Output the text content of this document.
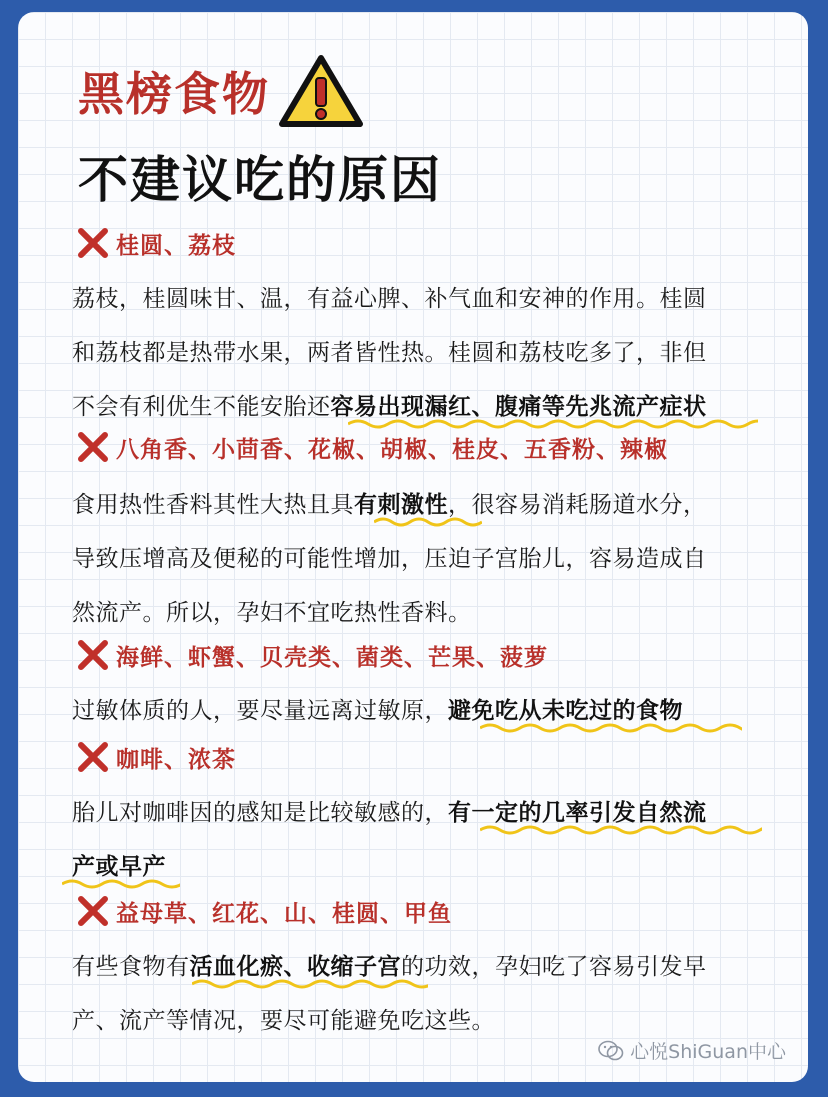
黑榜食物
不建议吃的原因
桂圆、荔枝
荔枝，桂圆味甘、温，有益心脾、补气血和安神的作用。桂圆
和荔枝都是热带水果，两者皆性热。桂圆和荔枝吃多了，非但
不会有利优生不能安胎还容易出现漏红、腹痛等先兆流产症状
八角香、小茴香、花椒、胡椒、桂皮、五香粉、辣椒
食用热性香料其性大热且具有刺激性，很容易消耗肠道水分，
导致压增高及便秘的可能性增加，压迫子宫胎儿，容易造成自
然流产。所以，孕妇不宜吃热性香料。
海鲜、虾蟹、贝壳类、菌类、芒果、菠萝
过敏体质的人，要尽量远离过敏原，避免吃从未吃过的食物
咖啡、浓茶
胎儿对咖啡因的感知是比较敏感的，有一定的几率引发自然流
产或早产
益母草、红花、山、桂圆、甲鱼
有些食物有活血化瘀、收缩子宫的功效，孕妇吃了容易引发早
产、流产等情况，要尽可能避免吃这些。
心悦ShiGuan中心
